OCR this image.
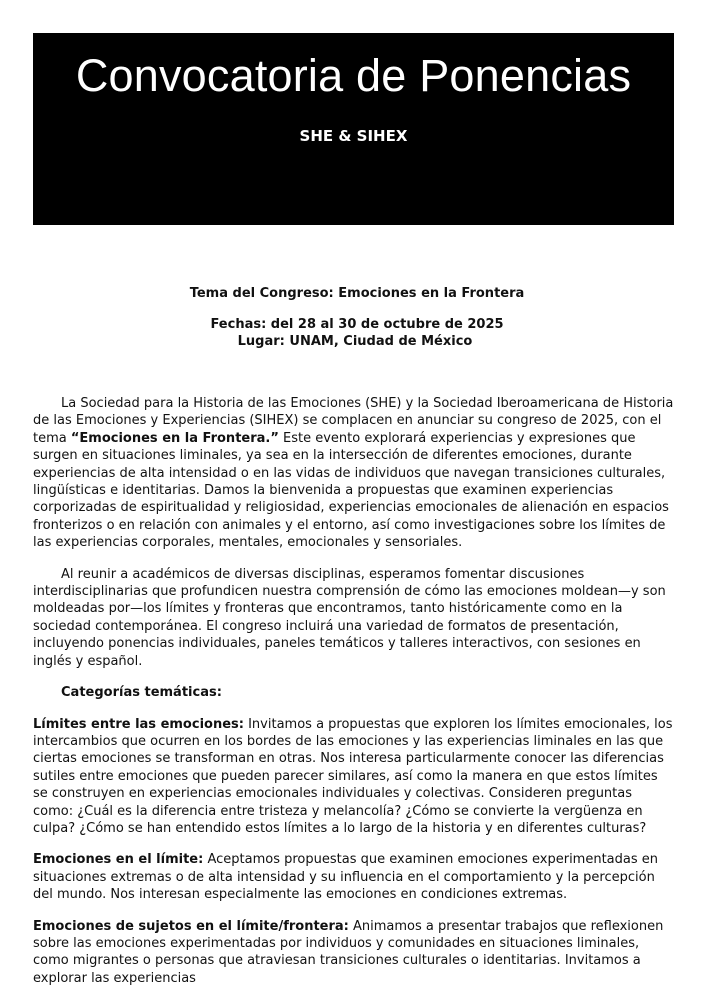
Convocatoria de Ponencias
SHE & SIHEX

Tema del Congreso: Emociones en la Frontera

Fechas: del 28 al 30 de octubre de 2025

Lugar: UNAM, Ciudad de México

La Sociedad para la Historia de las Emociones (SHE) y la Sociedad Iberoamericana de Historia de las Emociones y Experiencias (SIHEX) se complacen en anunciar su congreso de 2025, con el tema “Emociones en la Frontera.” Este evento explorará experiencias y expresiones que surgen en situaciones liminales, ya sea en la intersección de diferentes emociones, durante experiencias de alta intensidad o en las vidas de individuos que navegan transiciones culturales, lingüísticas e identitarias. Damos la bienvenida a propuestas que examinen experiencias corporizadas de espiritualidad y religiosidad, experiencias emocionales de alienación en espacios fronterizos o en relación con animales y el entorno, así como investigaciones sobre los límites de las experiencias corporales, mentales, emocionales y sensoriales.

Al reunir a académicos de diversas disciplinas, esperamos fomentar discusiones interdisciplinarias que profundicen nuestra comprensión de cómo las emociones moldean—y son moldeadas por—los límites y fronteras que encontramos, tanto históricamente como en la sociedad contemporánea. El congreso incluirá una variedad de formatos de presentación, incluyendo ponencias individuales, paneles temáticos y talleres interactivos, con sesiones en inglés y español.

Categorías temáticas:

Límites entre las emociones: Invitamos a propuestas que exploren los límites emocionales, los intercambios que ocurren en los bordes de las emociones y las experiencias liminales en las que ciertas emociones se transforman en otras. Nos interesa particularmente conocer las diferencias sutiles entre emociones que pueden parecer similares, así como la manera en que estos límites se construyen en experiencias emocionales individuales y colectivas. Consideren preguntas como: ¿Cuál es la diferencia entre tristeza y melancolía? ¿Cómo se convierte la vergüenza en culpa? ¿Cómo se han entendido estos límites a lo largo de la historia y en diferentes culturas?

Emociones en el límite: Aceptamos propuestas que examinen emociones experimentadas en situaciones extremas o de alta intensidad y su influencia en el comportamiento y la percepción del mundo. Nos interesan especialmente las emociones en condiciones extremas.

Emociones de sujetos en el límite/frontera: Animamos a presentar trabajos que reflexionen sobre las emociones experimentadas por individuos y comunidades en situaciones liminales, como migrantes o personas que atraviesan transiciones culturales o identitarias. Invitamos a explorar las experiencias
